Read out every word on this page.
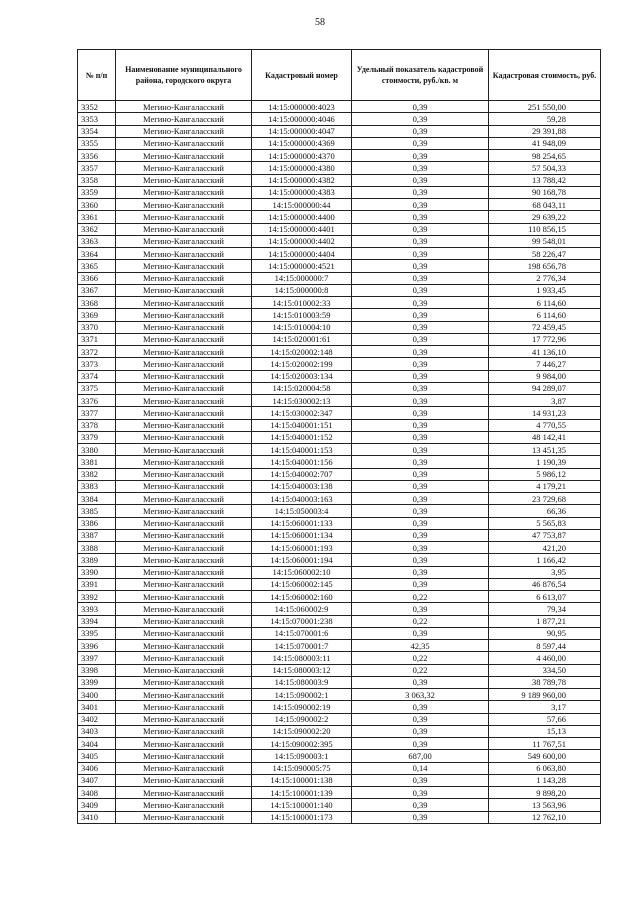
58
№ п/п	Наименование муниципального района, городского округа	Кадастровый номер	Удельный показатель кадастровой стоимости, руб./кв. м	Кадастровая стоимость, руб.
3352	Мегино-Кангаласский	14:15:000000:4023	0,39	251 550,00
3353	Мегино-Кангаласский	14:15:000000:4046	0,39	59,28
3354	Мегино-Кангаласский	14:15:000000:4047	0,39	29 391,88
3355	Мегино-Кангаласский	14:15:000000:4369	0,39	41 948,09
3356	Мегино-Кангаласский	14:15:000000:4370	0,39	98 254,65
3357	Мегино-Кангаласский	14:15:000000:4380	0,39	57 504,33
3358	Мегино-Кангаласский	14:15:000000:4382	0,39	13 788,42
3359	Мегино-Кангаласский	14:15:000000:4383	0,39	90 168,78
3360	Мегино-Кангаласский	14:15:000000:44	0,39	68 043,11
3361	Мегино-Кангаласский	14:15:000000:4400	0,39	29 639,22
3362	Мегино-Кангаласский	14:15:000000:4401	0,39	110 856,15
3363	Мегино-Кангаласский	14:15:000000:4402	0,39	99 548,01
3364	Мегино-Кангаласский	14:15:000000:4404	0,39	58 226,47
3365	Мегино-Кангаласский	14:15:000000:4521	0,39	198 656,78
3366	Мегино-Кангаласский	14:15:000000:7	0,39	2 776,34
3367	Мегино-Кангаласский	14:15:000000:8	0,39	1 933,45
3368	Мегино-Кангаласский	14:15:010002:33	0,39	6 114,60
3369	Мегино-Кангаласский	14:15:010003:59	0,39	6 114,60
3370	Мегино-Кангаласский	14:15:010004:10	0,39	72 459,45
3371	Мегино-Кангаласский	14:15:020001:61	0,39	17 772,96
3372	Мегино-Кангаласский	14:15:020002:148	0,39	41 136,10
3373	Мегино-Кангаласский	14:15:020002:199	0,39	7 446,27
3374	Мегино-Кангаласский	14:15:020003:134	0,39	9 984,00
3375	Мегино-Кангаласский	14:15:020004:58	0,39	94 289,07
3376	Мегино-Кангаласский	14:15:030002:13	0,39	3,87
3377	Мегино-Кангаласский	14:15:030002:347	0,39	14 931,23
3378	Мегино-Кангаласский	14:15:040001:151	0,39	4 770,55
3379	Мегино-Кангаласский	14:15:040001:152	0,39	48 142,41
3380	Мегино-Кангаласский	14:15:040001:153	0,39	13 451,35
3381	Мегино-Кангаласский	14:15:040001:156	0,39	1 190,39
3382	Мегино-Кангаласский	14:15:040002:707	0,39	5 986,12
3383	Мегино-Кангаласский	14:15:040003:138	0,39	4 179,21
3384	Мегино-Кангаласский	14:15:040003:163	0,39	23 729,68
3385	Мегино-Кангаласский	14:15:050003:4	0,39	66,36
3386	Мегино-Кангаласский	14:15:060001:133	0,39	5 565,83
3387	Мегино-Кангаласский	14:15:060001:134	0,39	47 753,87
3388	Мегино-Кангаласский	14:15:060001:193	0,39	421,20
3389	Мегино-Кангаласский	14:15:060001:194	0,39	1 166,42
3390	Мегино-Кангаласский	14:15:060002:10	0,39	3,95
3391	Мегино-Кангаласский	14:15:060002:145	0,39	46 876,54
3392	Мегино-Кангаласский	14:15:060002:160	0,22	6 613,07
3393	Мегино-Кангаласский	14:15:060002:9	0,39	79,34
3394	Мегино-Кангаласский	14:15:070001:238	0,22	1 877,21
3395	Мегино-Кангаласский	14:15:070001:6	0,39	90,95
3396	Мегино-Кангаласский	14:15:070001:7	42,35	8 597,44
3397	Мегино-Кангаласский	14:15:080003:11	0,22	4 460,00
3398	Мегино-Кангаласский	14:15:080003:12	0,22	334,50
3399	Мегино-Кангаласский	14:15:080003:9	0,39	38 789,78
3400	Мегино-Кангаласский	14:15:090002:1	3 063,32	9 189 960,00
3401	Мегино-Кангаласский	14:15:090002:19	0,39	3,17
3402	Мегино-Кангаласский	14:15:090002:2	0,39	57,66
3403	Мегино-Кангаласский	14:15:090002:20	0,39	15,13
3404	Мегино-Кангаласский	14:15:090002:395	0,39	11 767,51
3405	Мегино-Кангаласский	14:15:090003:1	687,00	549 600,00
3406	Мегино-Кангаласский	14:15:090005:75	0,14	6 063,80
3407	Мегино-Кангаласский	14:15:100001:138	0,39	1 143,28
3408	Мегино-Кангаласский	14:15:100001:139	0,39	9 898,20
3409	Мегино-Кангаласский	14:15:100001:140	0,39	13 563,96
3410	Мегино-Кангаласский	14:15:100001:173	0,39	12 762,10
